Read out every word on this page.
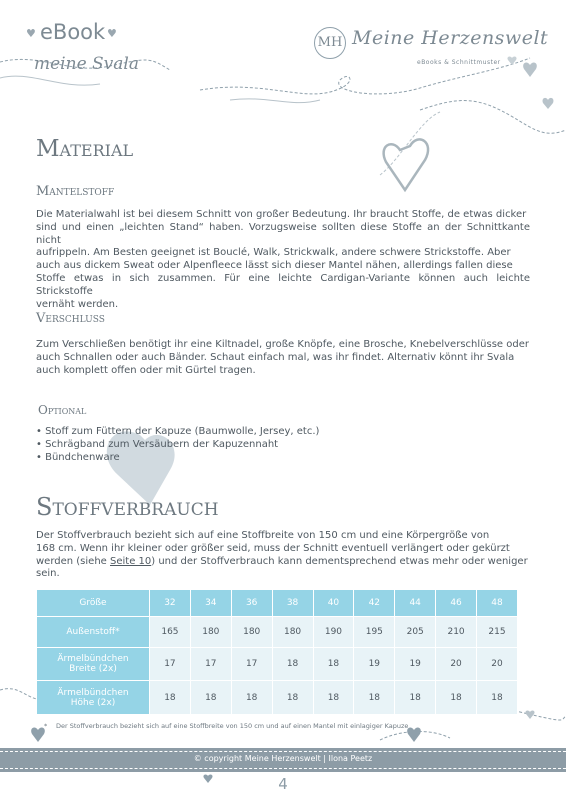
♥ eBook ♥
meine Svala
MH Meine Herzenswelt
eBooks & Schnittmuster
Material
Mantelstoff
Die Materialwahl ist bei diesem Schnitt von großer Bedeutung. Ihr braucht Stoffe, de etwas dicker
sind und einen „leichten Stand“ haben. Vorzugsweise sollten diese Stoffe an der Schnittkante nicht
aufrippeln. Am Besten geeignet ist Bouclé, Walk, Strickwalk, andere schwere Strickstoffe. Aber
auch aus dickem Sweat oder Alpenfleece lässt sich dieser Mantel nähen, allerdings fallen diese
Stoffe etwas in sich zusammen. Für eine leichte Cardigan-Variante können auch leichte Strickstoffe
vernäht werden.
Verschluss
Zum Verschließen benötigt ihr eine Kiltnadel, große Knöpfe, eine Brosche, Knebelverschlüsse oder
auch Schnallen oder auch Bänder. Schaut einfach mal, was ihr findet. Alternativ könnt ihr Svala
auch komplett offen oder mit Gürtel tragen.
Optional
• Stoff zum Füttern der Kapuze (Baumwolle, Jersey, etc.)
• Schrägband zum Versäubern der Kapuzennaht
• Bündchenware
Stoffverbrauch
Der Stoffverbrauch bezieht sich auf eine Stoffbreite von 150 cm und eine Körpergröße von
168 cm. Wenn ihr kleiner oder größer seid, muss der Schnitt eventuell verlängert oder gekürzt
werden (siehe Seite 10) und der Stoffverbrauch kann dementsprechend etwas mehr oder weniger
sein.
Größe	32	34	36	38	40	42	44	46	48
Außenstoff*	165	180	180	180	190	195	205	210	215

Ärmelbündchen
Breite (2x)	17	17	17	18	18	19	19	20	20

Ärmelbündchen
Höhe (2x)	18	18	18	18	18	18	18	18	18
* Der Stoffverbrauch bezieht sich auf eine Stoffbreite von 150 cm und auf einen Mantel mit einlagiger Kapuze
© copyright Meine Herzenswelt | Ilona Peetz
4
